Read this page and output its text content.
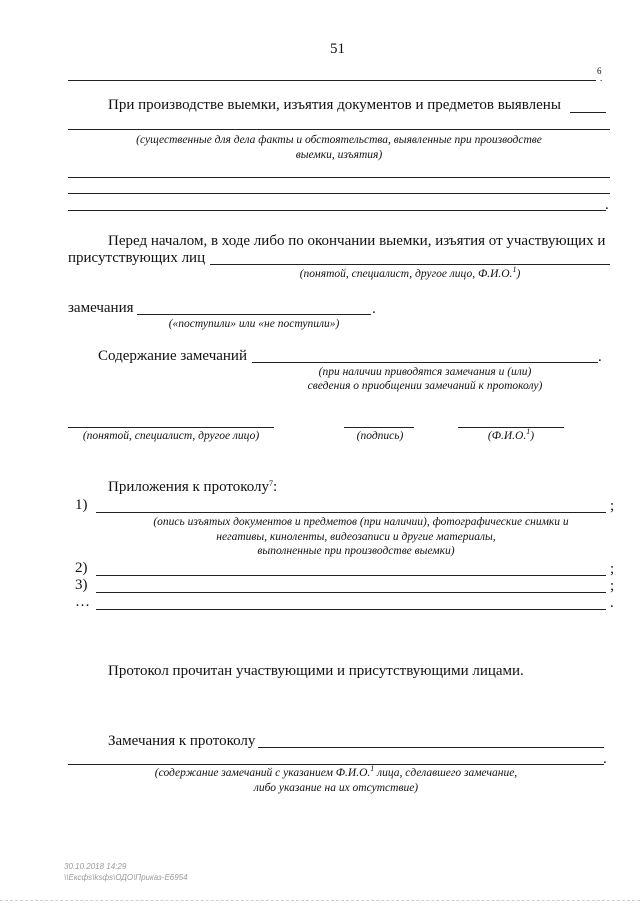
51
6
.
При производстве выемки, изъятия документов и предметов выявлены
(существенные для дела факты и обстоятельства, выявленные при производстве
выемки, изъятия)
.
Перед началом, в ходе либо по окончании выемки, изъятия от участвующих и
присутствующих лиц
(понятой, специалист, другое лицо, Ф.И.О.$^1$)
замечания	.
(«поступили» или «не поступили»)
Содержание замечаний	.
(при наличии приводятся замечания и (или)
сведения о приобщении замечаний к протоколу)
(понятой, специалист, другое лицо)	(подпись)	(Ф.И.О.$^1$)
Приложения к протоколу$^7$:
1)	;
(опись изъятых документов и предметов (при наличии), фотографические снимки и
негативы, киноленты, видеозаписи и другие материалы,
выполненные при производстве выемки)
2)	;
3)	;
…	.
Протокол прочитан участвующими и присутствующими лицами.
Замечания к протоколу
.
(содержание замечаний с указанием Ф.И.О.$^1$ лица, сделавшего замечание,
либо указание на их отсутствие)
30.10.2018 14:29
\\Ексфs\ksфs\ОДО\Приказ-Е6954
